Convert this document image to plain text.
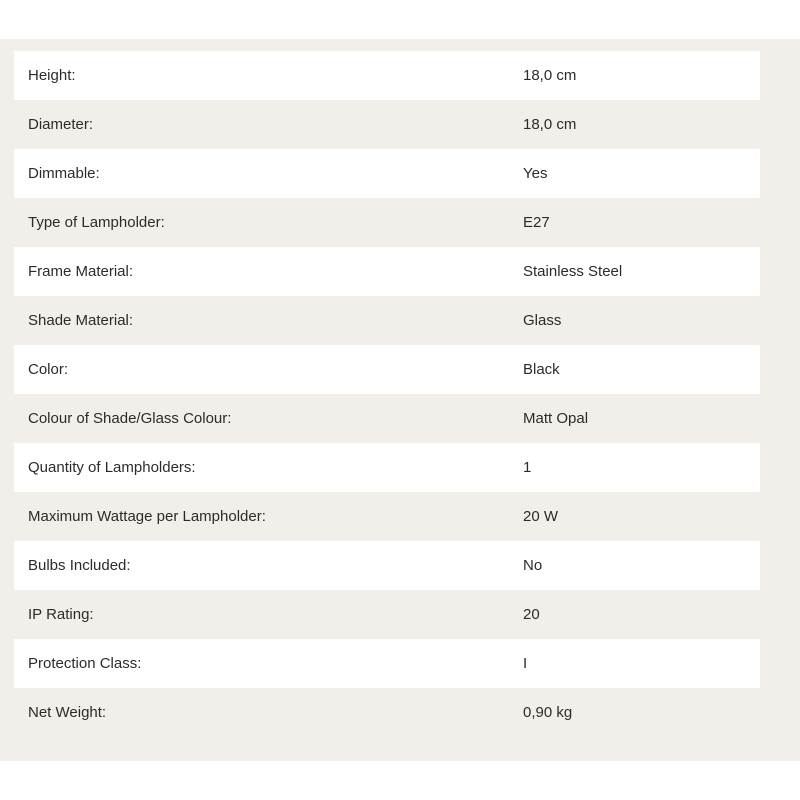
Height:	18,0 cm
Diameter:	18,0 cm
Dimmable:	Yes
Type of Lampholder:	E27
Frame Material:	Stainless Steel
Shade Material:	Glass
Color:	Black
Colour of Shade/Glass Colour:	Matt Opal
Quantity of Lampholders:	1
Maximum Wattage per Lampholder:	20 W
Bulbs Included:	No
IP Rating:	20
Protection Class:	I
Net Weight:	0,90 kg
